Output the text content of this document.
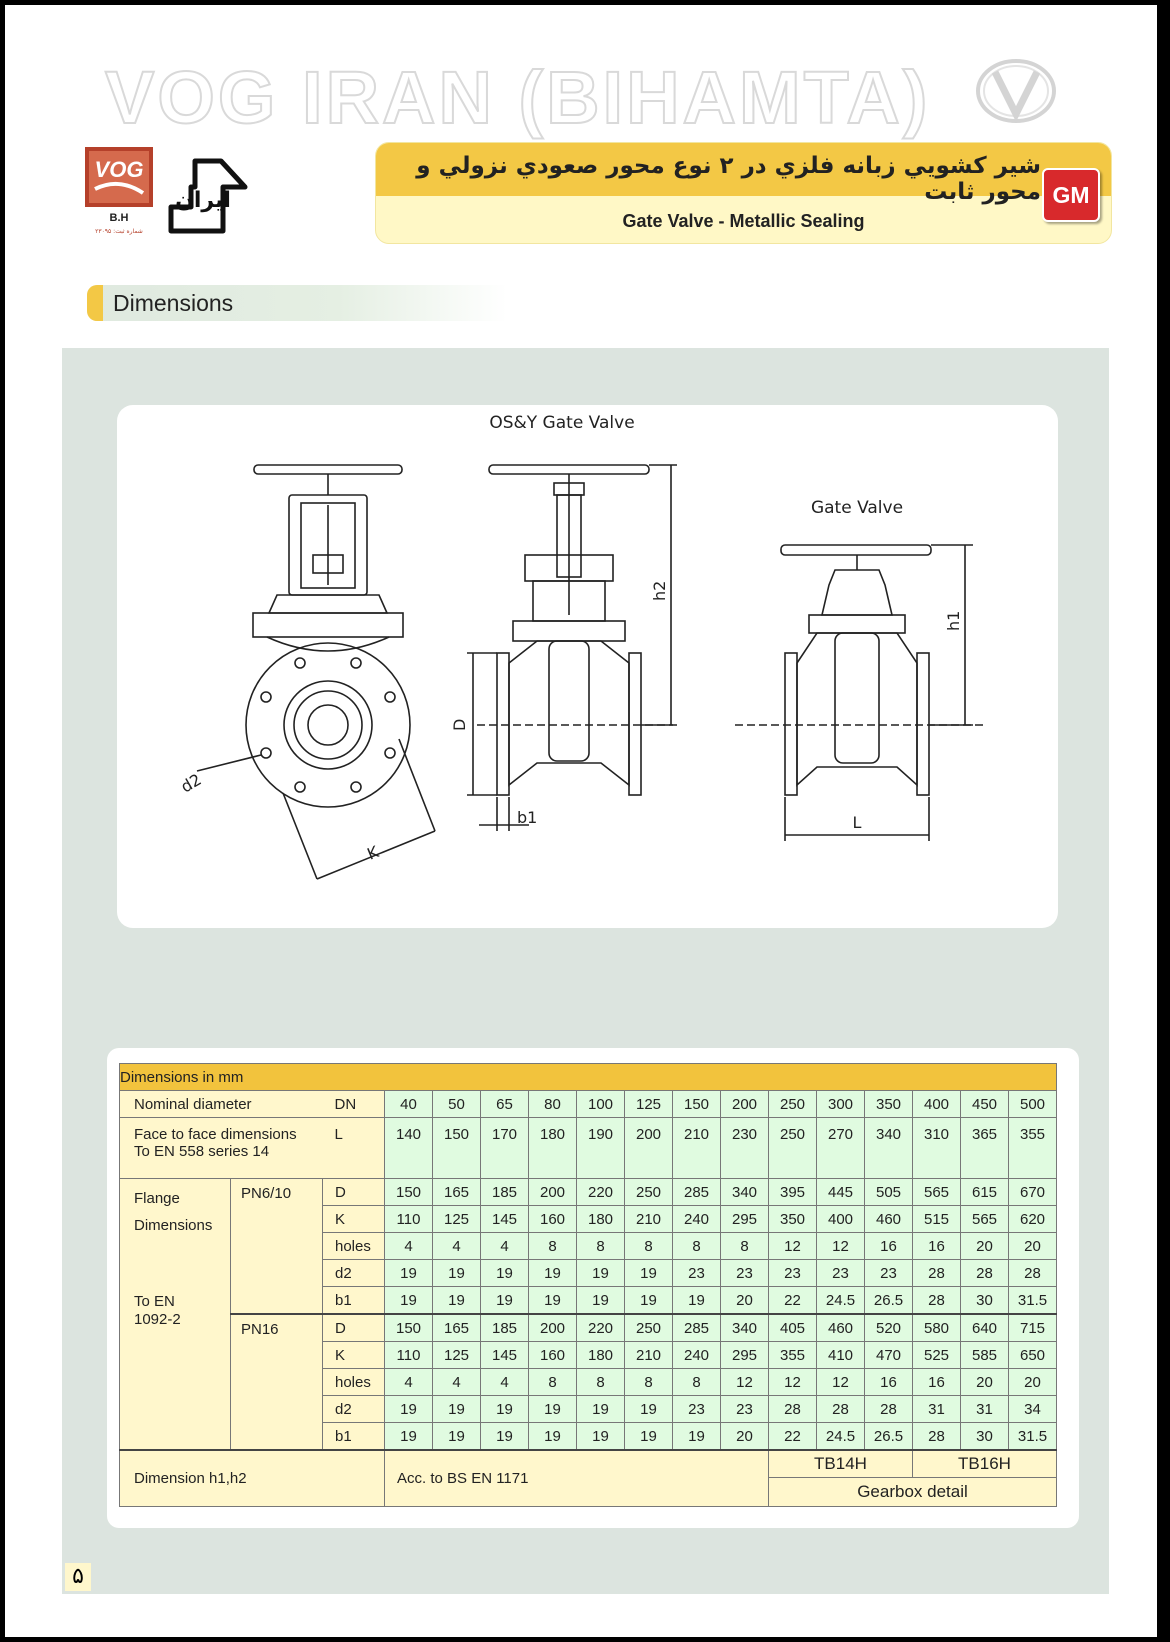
VOG IRAN (BIHAMTA)
VOG
B.H
شماره ثبت: ۲۳۰۹۵
ایران
شير كشويي زبانه فلزي در ۲ نوع محور صعودي نزولي و محور ثابت
Gate Valve - Metallic Sealing
GM
Dimensions
OS&Y Gate Valve
Gate Valve
d2
K
D
b1
h2
h1
L
Dimensions in mm																
Nominal diameter		DN	40	50	65	80	100	125	150	200	250	300	350	400	450	500

Face to face dimensions
To EN 558 series 14		L	140	150	170	180	190	200	210	230	250	270	340	310	365	355

Flange
Dimensions
To EN
1092-2	PN6/10	D	150	165	185	200	220	250	285	340	395	445	505	565	615	670
		K	110	125	145	160	180	210	240	295	350	400	460	515	565	620
		holes	4	4	4	8	8	8	8	8	12	12	16	16	20	20
		d2	19	19	19	19	19	19	23	23	23	23	23	28	28	28
		b1	19	19	19	19	19	19	19	20	22	24.5	26.5	28	30	31.5
	PN16	D	150	165	185	200	220	250	285	340	405	460	520	580	640	715
		K	110	125	145	160	180	210	240	295	355	410	470	525	585	650
		holes	4	4	4	8	8	8	8	12	12	12	16	16	20	20
		d2	19	19	19	19	19	19	23	23	28	28	28	31	31	34
		b1	19	19	19	19	19	19	19	20	22	24.5	26.5	28	30	31.5
Dimension h1,h2			Acc. to BS EN 1171								TB14H			TB16H		
											Gearbox detail					
۵
